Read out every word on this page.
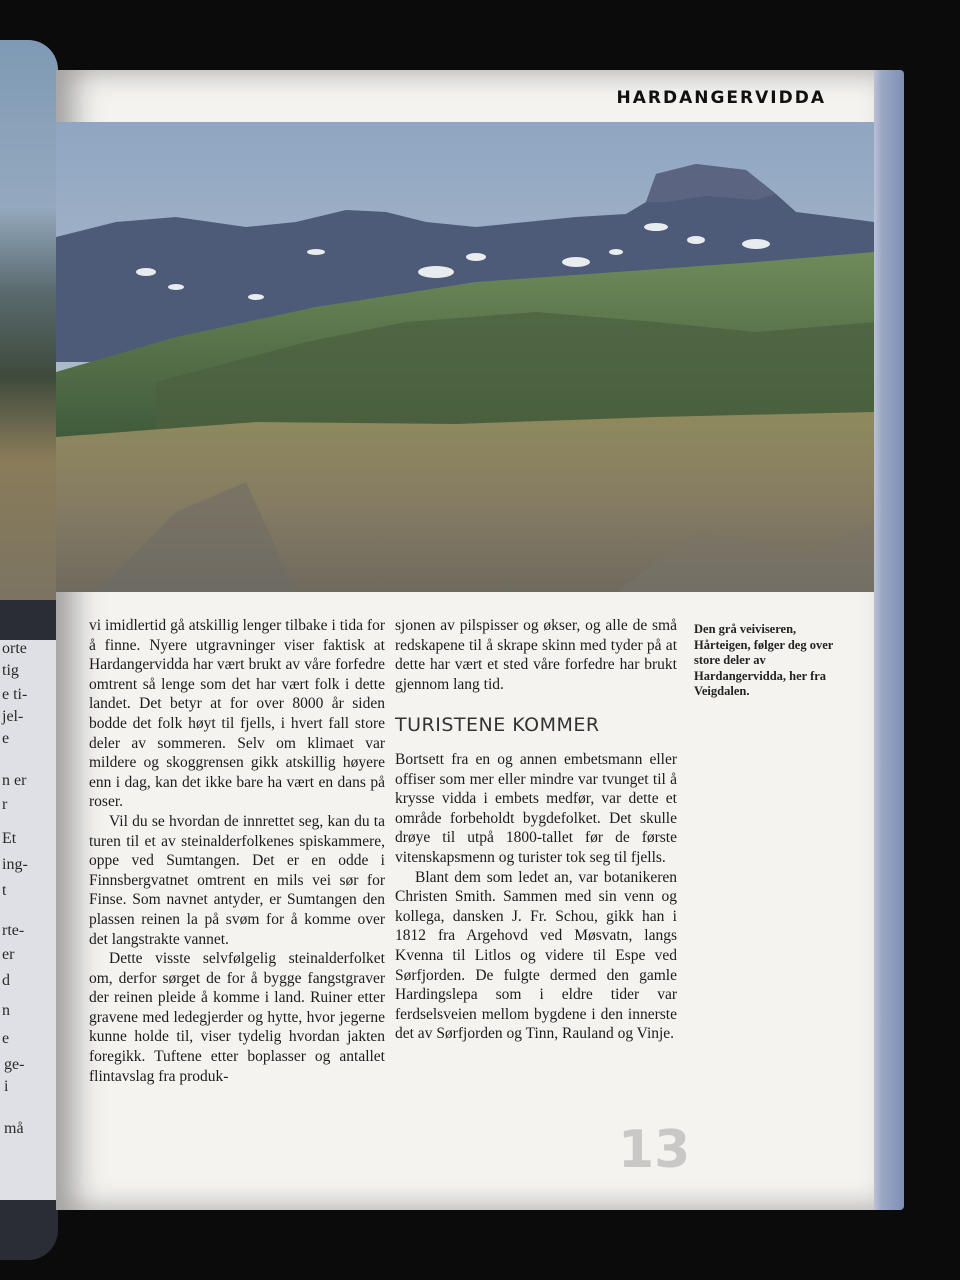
orte
tig
e ti-
jel-
e
n er
r
Et
ing-
t
rte-
er
d
n
e
ge-
i
må
HARDANGERVIDDA

vi imidlertid gå atskillig lenger tilbake i tida for å finne. Nyere utgravninger viser faktisk at Hardangervidda har vært brukt av våre forfedre omtrent så lenge som det har vært folk i dette landet. Det betyr at for over 8000 år siden bodde det folk høyt til fjells, i hvert fall store deler av sommeren. Selv om klimaet var mildere og skoggrensen gikk atskillig høyere enn i dag, kan det ikke bare ha vært en dans på roser.

Vil du se hvordan de innrettet seg, kan du ta turen til et av steinalderfolkenes spiskammere, oppe ved Sumtangen. Det er en odde i Finnsbergvatnet omtrent en mils vei sør for Finse. Som navnet antyder, er Sumtangen den plassen reinen la på svøm for å komme over det langstrakte vannet.

Dette visste selvfølgelig steinalderfolket om, derfor sørget de for å bygge fangstgraver der reinen pleide å komme i land. Ruiner etter gravene med ledegjerder og hytte, hvor jegerne kunne holde til, viser tydelig hvordan jakten foregikk. Tuftene etter boplasser og antallet flintavslag fra produk-

sjonen av pilspisser og økser, og alle de små redskapene til å skrape skinn med tyder på at dette har vært et sted våre forfedre har brukt gjennom lang tid.

TURISTENE KOMMER

Bortsett fra en og annen embetsmann eller offiser som mer eller mindre var tvunget til å krysse vidda i embets medfør, var dette et område forbeholdt bygdefolket. Det skulle drøye til utpå 1800-tallet før de første vitenskapsmenn og turister tok seg til fjells.

Blant dem som ledet an, var botanikeren Christen Smith. Sammen med sin venn og kollega, dansken J. Fr. Schou, gikk han i 1812 fra Argehovd ved Møsvatn, langs Kvenna til Litlos og videre til Espe ved Sørfjorden. De fulgte dermed den gamle Hardingslepa som i eldre tider var ferdselsveien mellom bygdene i den innerste det av Sørfjorden og Tinn, Rauland og Vinje.

Den grå veiviseren, Hårteigen, følger deg over store deler av Hardangervidda, her fra Veigdalen.
13
